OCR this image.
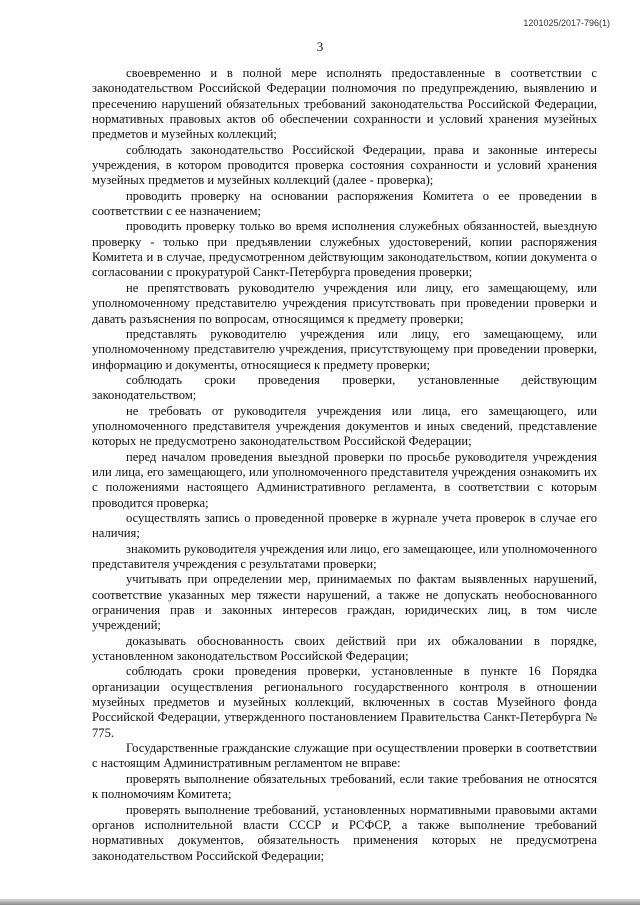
1201025/2017-796(1)
3

своевременно и в полной мере исполнять предоставленные в соответствии с законодательством Российской Федерации полномочия по предупреждению, выявлению и пресечению нарушений обязательных требований законодательства Российской Федерации, нормативных правовых актов об обеспечении сохранности и условий хранения музейных предметов и музейных коллекций;

соблюдать законодательство Российской Федерации, права и законные интересы учреждения, в котором проводится проверка состояния сохранности и условий хранения музейных предметов и музейных коллекций (далее - проверка);

проводить проверку на основании распоряжения Комитета о ее проведении в соответствии с ее назначением;

проводить проверку только во время исполнения служебных обязанностей, выездную проверку - только при предъявлении служебных удостоверений, копии распоряжения Комитета и в случае, предусмотренном действующим законодательством, копии документа о согласовании с прокуратурой Санкт-Петербурга проведения проверки;

не препятствовать руководителю учреждения или лицу, его замещающему, или уполномоченному представителю учреждения присутствовать при проведении проверки и давать разъяснения по вопросам, относящимся к предмету проверки;

представлять руководителю учреждения или лицу, его замещающему, или уполномоченному представителю учреждения, присутствующему при проведении проверки, информацию и документы, относящиеся к предмету проверки;

соблюдать сроки проведения проверки, установленные действующим законодательством;

не требовать от руководителя учреждения или лица, его замещающего, или уполномоченного представителя учреждения документов и иных сведений, представление которых не предусмотрено законодательством Российской Федерации;

перед началом проведения выездной проверки по просьбе руководителя учреждения или лица, его замещающего, или уполномоченного представителя учреждения ознакомить их с положениями настоящего Административного регламента, в соответствии с которым проводится проверка;

осуществлять запись о проведенной проверке в журнале учета проверок в случае его наличия;

знакомить руководителя учреждения или лицо, его замещающее, или уполномоченного представителя учреждения с результатами проверки;

учитывать при определении мер, принимаемых по фактам выявленных нарушений, соответствие указанных мер тяжести нарушений, а также не допускать необоснованного ограничения прав и законных интересов граждан, юридических лиц, в том числе учреждений;

доказывать обоснованность своих действий при их обжаловании в порядке, установленном законодательством Российской Федерации;

соблюдать сроки проведения проверки, установленные в пункте 16 Порядка организации осуществления регионального государственного контроля в отношении музейных предметов и музейных коллекций, включенных в состав Музейного фонда Российской Федерации, утвержденного постановлением Правительства Санкт-Петербурга № 775.

Государственные гражданские служащие при осуществлении проверки в соответствии с настоящим Административным регламентом не вправе:

проверять выполнение обязательных требований, если такие требования не относятся к полномочиям Комитета;

проверять выполнение требований, установленных нормативными правовыми актами органов исполнительной власти СССР и РСФСР, а также выполнение требований нормативных документов, обязательность применения которых не предусмотрена законодательством Российской Федерации;
